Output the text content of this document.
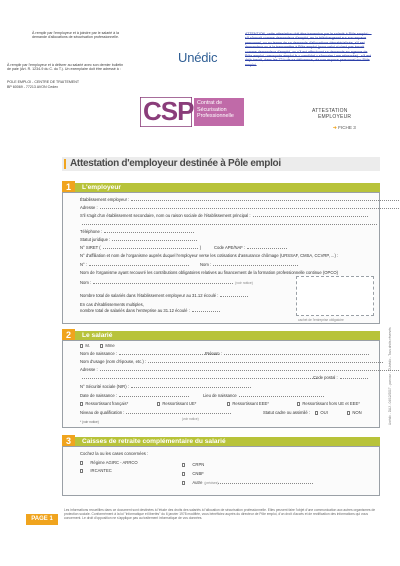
À remplir par l'employeur et à joindre par le salarié à la demande d'allocations de sécurisation professionnelle.
À remplir par l'employeur et à délivrer au salarié avec son dernier bulletin de paie (Art. R. 1234-9 du C. du T.). Un exemplaire doit être adressé à :
POLE EMPLOI - CENTRE DE TRAITEMENT
BP 60069 - 77213 AVON Cedex
Unédic
ATTENTION, cette attestation doit être transmise par le salarié à Pôle emploi : - s'il s'inscrit comme demandeur d'emploi, en la téléchargeant sur son espace personnel, ou au terme de sa demande d'allocations dématérialisée, s'il est demandeur ou à la transmettre à Pôle emploi (pour celui-ci n'est pas inscrit comme demandeur d'emploi, ou s'il est effectuant sa demande en agence de Pôle emploi : www.pole-emploi.fr > candidat > s'inscrire / me réinscrire) - s'il est déjà inscrit, dans les 72 h de sa délivrance, via son espace personnel sur Pôle emploi.
CSP Contrat de
Sécurisation
Professionnelle
ATTESTATION
EMPLOYEUR
➔ FICHE 3
Attestation d'employeur destinée à Pôle emploi
1	L'employeur
Établissement employeur :
Adresse :
S'il s'agit d'un établissement secondaire, nom ou raison sociale de l'établissement principal :
Téléphone :
Statut juridique :
N° SIRET (	)	Code APE/NAF :
N° d'affiliation et nom de l'organisme auprès duquel l'employeur verse les cotisations d'assurance chômage (URSSAF, CMSA, CCVRP, ...) :
N° :	Nom :
Nom de l'organisme ayant recouvré les contributions obligatoires relatives au financement de la formation professionnelle continue (OPCO)
Nom :	(voir notice)
Nombre total de salariés dans l'établissement employeur au 31.12 écoulé :
En cas d'établissements multiples,
nombre total de salariés dans l'entreprise au 31.12 écoulé :
cachet de l'entreprise obligatoire
2	Le salarié
M.	Mme
Nom de naissance :	Prénom :
Nom d'usage (nom d'épouse, etc.) :
Adresse :
Code postal :
N° Sécurité sociale (NIR) :
Date de naissance :	Lieu de naissance
Ressortissant français*	Ressortissant UE*	Ressortissant EEE*	Ressortissant hors UE et EEE*
Niveau de qualification :
(voir notice)
Statut cadre ou assimilé :	OUI	NON
* (voir notice)
3	Caisses de retraite complémentaire du salarié
Cochez la ou les cases concernées :
Régime AGIRC - ARRCO
IRCANTEC
CRPN
CNBF
Autre (précisez)
PAGE 1
Les informations recueillies dans ce document sont destinées à l'étude des droits des salariés à l'allocation de sécurisation professionnelle. Elles peuvent faire l'objet d'une communication aux autres organismes de protection sociale. Conformément à la loi "informatique et libertés" du 6 janvier 1978 modifiée, vous bénéficiez auprès du directeur de Pôle emploi, d'un droit d'accès et de rectification des informations qui vous concernent. Le droit d'opposition ne s'applique pas au traitement informatique de vos données.
Unédic - DAJ - 04/12/2017 - parcour - ©Unédic - Tous droits réservés
